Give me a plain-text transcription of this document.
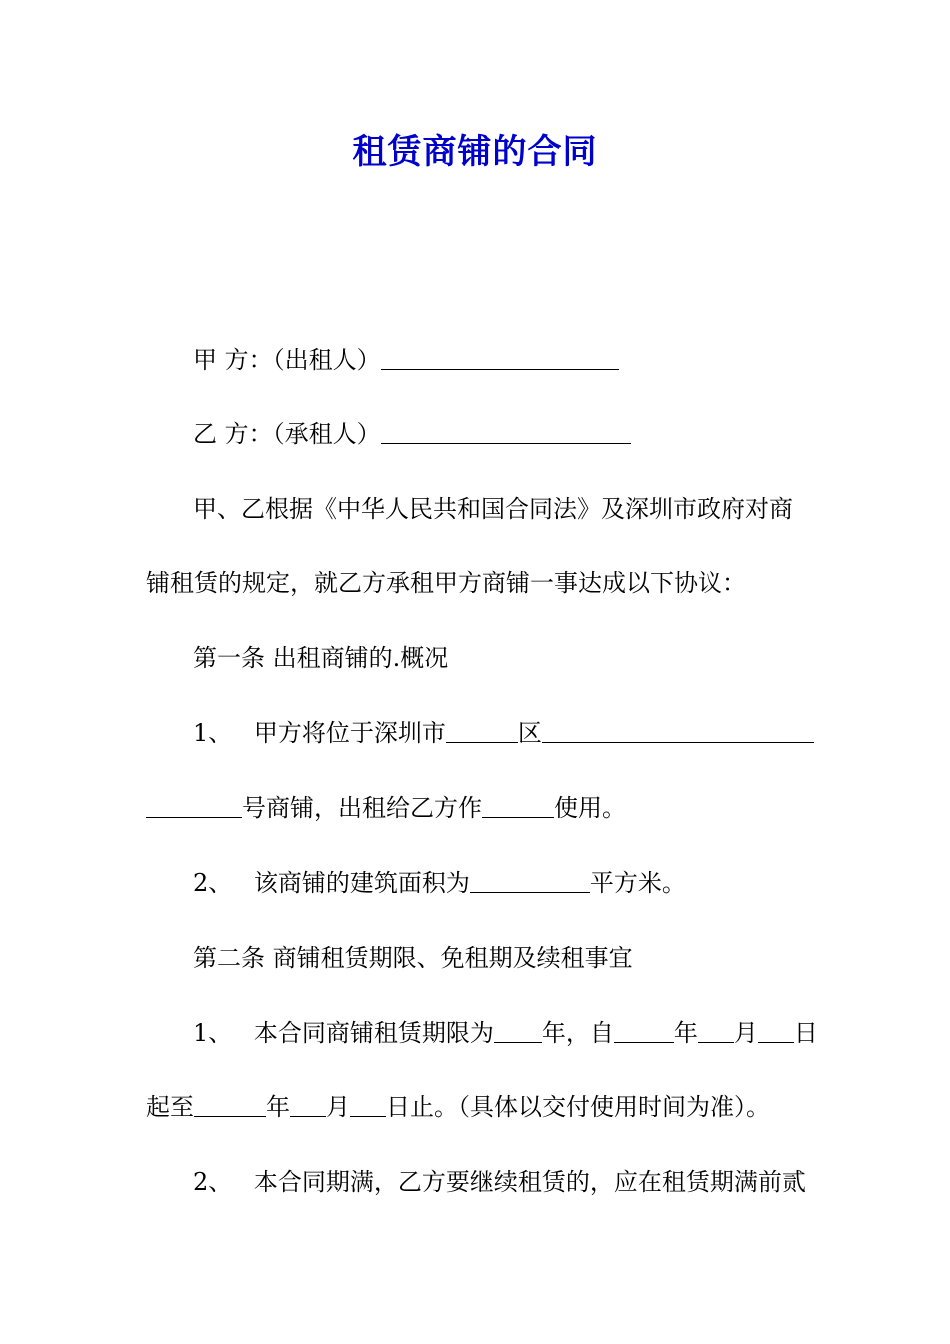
租赁商铺的合同
甲 方：（出租人）
乙 方：（承租人）
甲、乙根据《中华人民共和国合同法》及深圳市政府对商
铺租赁的规定，就乙方承租甲方商铺一事达成以下协议：
第一条 出租商铺的.概况
1、 甲方将位于深圳市	区
号商铺，出租给乙方作	使用。
2、 该商铺的建筑面积为	平方米。
第二条 商铺租赁期限、免租期及续租事宜
1、 本合同商铺租赁期限为 年，自	年 月 日
起至	年 月 日止。（具体以交付使用时间为准）。
2、 本合同期满，乙方要继续租赁的，应在租赁期满前贰
